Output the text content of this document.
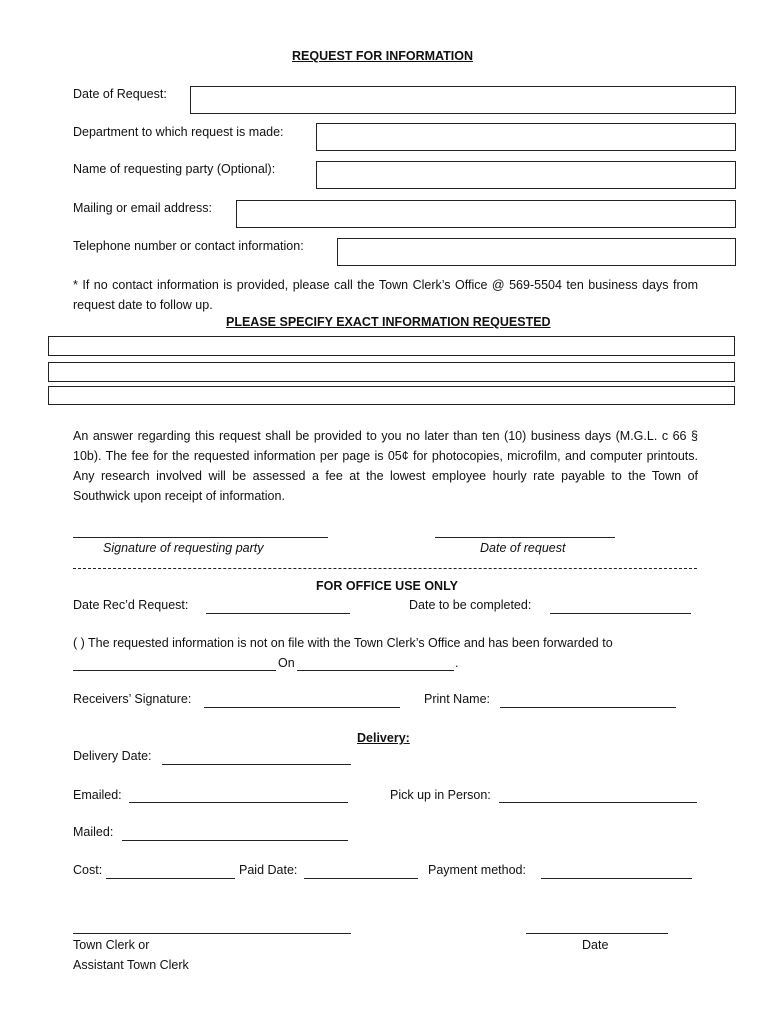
REQUEST FOR INFORMATION
Date of Request:
Department to which request is made:
Name of requesting party (Optional):
Mailing or email address:
Telephone number or contact information:
* If no contact information is provided, please call the Town Clerk’s Office @ 569-5504 ten business days from request date to follow up.
PLEASE SPECIFY EXACT INFORMATION REQUESTED
An answer regarding this request shall be provided to you no later than ten (10) business days (M.G.L. c 66 § 10b). The fee for the requested information per page is 05¢ for photocopies, microfilm, and computer printouts. Any research involved will be assessed a fee at the lowest employee hourly rate payable to the Town of Southwick upon receipt of information.
Signature of requesting party	Date of request
FOR OFFICE USE ONLY
Date Rec’d Request:	Date to be completed:
( ) The requested information is not on file with the Town Clerk’s Office and has been forwarded to
On	.
Receivers’ Signature:	Print Name:
Delivery:
Delivery Date:
Emailed:	Pick up in Person:
Mailed:
Cost:	Paid Date:	Payment method:
Town Clerk or
Assistant Town Clerk
Date
